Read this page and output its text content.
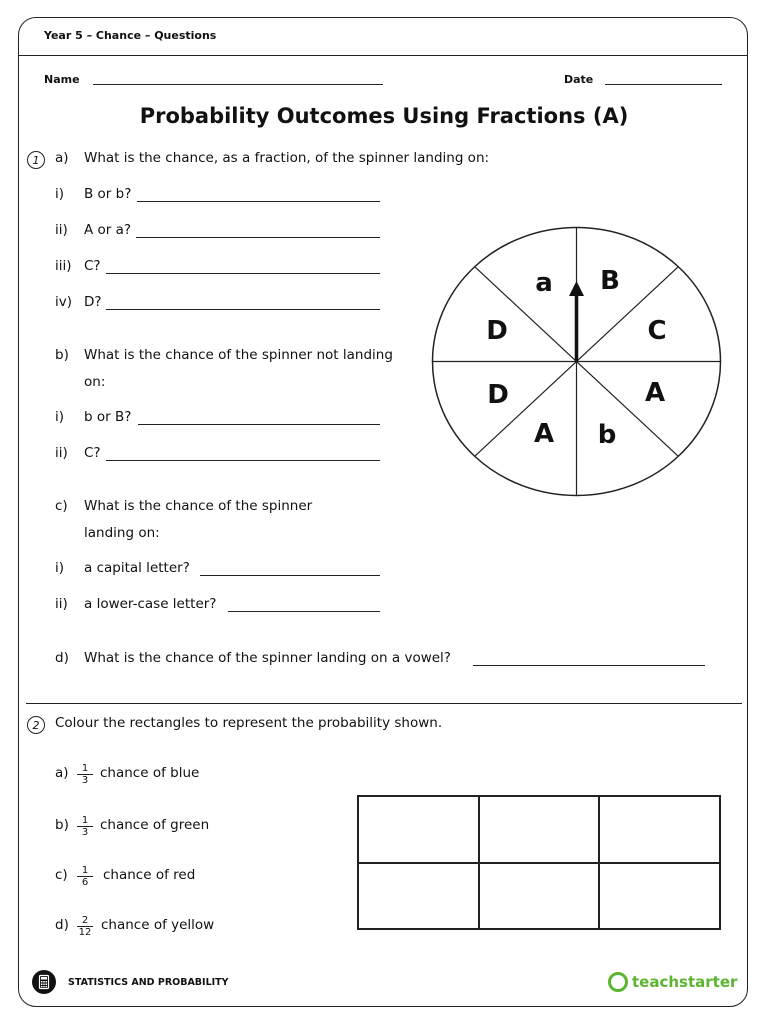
Year 5 – Chance – Questions
Name	Date
Probability Outcomes Using Fractions (A)
1	a) What is the chance, as a fraction, of the spinner landing on:
i) B or b?
ii) A or a?
iii) C?
iv) D?
b) What is the chance of the spinner not landing
on:
i) b or B?
ii) C?
c) What is the chance of the spinner
landing on:
i) a capital letter?
ii) a lower-case letter?
d) What is the chance of the spinner landing on a vowel?
a B
C
A
b
A
D
D
2	Colour the rectangles to represent the probability shown.
$a) \frac{1}{3}$ chance of blue
$b) \frac{1}{3}$ chance of green
$c) \frac{1}{6}$ chance of red
$d) \frac{2}{12}$ chance of yellow
STATISTICS AND PROBABILITY	teachstarter
